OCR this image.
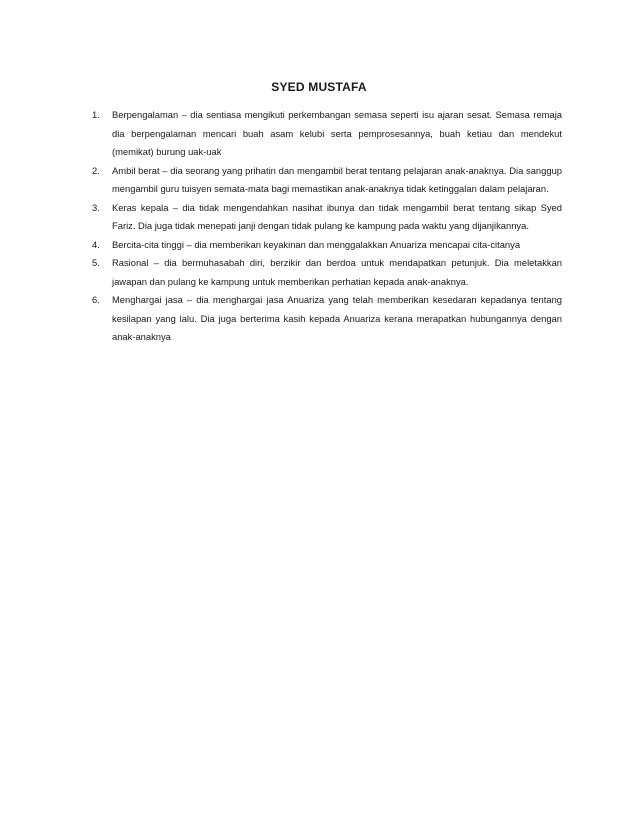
SYED MUSTAFA
1. Berpengalaman – dia sentiasa mengikuti perkembangan semasa seperti isu ajaran sesat. Semasa remaja dia berpengalaman mencari buah asam kelubi serta pemprosesannya, buah ketiau dan mendekut (memikat) burung uak-uak
2. Ambil berat – dia seorang yang prihatin dan mengambil berat tentang pelajaran anak-anaknya. Dia sanggup mengambil guru tuisyen semata-mata bagi memastikan anak-anaknya tidak ketinggalan dalam pelajaran.
3. Keras kepala – dia tidak mengendahkan nasihat ibunya dan tidak mengambil berat tentang sikap Syed Fariz. Dia juga tidak menepati janji dengan tidak pulang ke kampung pada waktu yang dijanjikannya.
4. Bercita-cita tinggi – dia memberikan keyakinan dan menggalakkan Anuariza mencapai cita-citanya
5. Rasional – dia bermuhasabah diri, berzikir dan berdoa untuk mendapatkan petunjuk. Dia meletakkan jawapan dan pulang ke kampung untuk memberikan perhatian kepada anak-anaknya.
6. Menghargai jasa – dia menghargai jasa Anuariza yang telah memberikan kesedaran kepadanya tentang kesilapan yang lalu. Dia juga berterima kasih kepada Anuariza kerana merapatkan hubungannya dengan anak-anaknya
